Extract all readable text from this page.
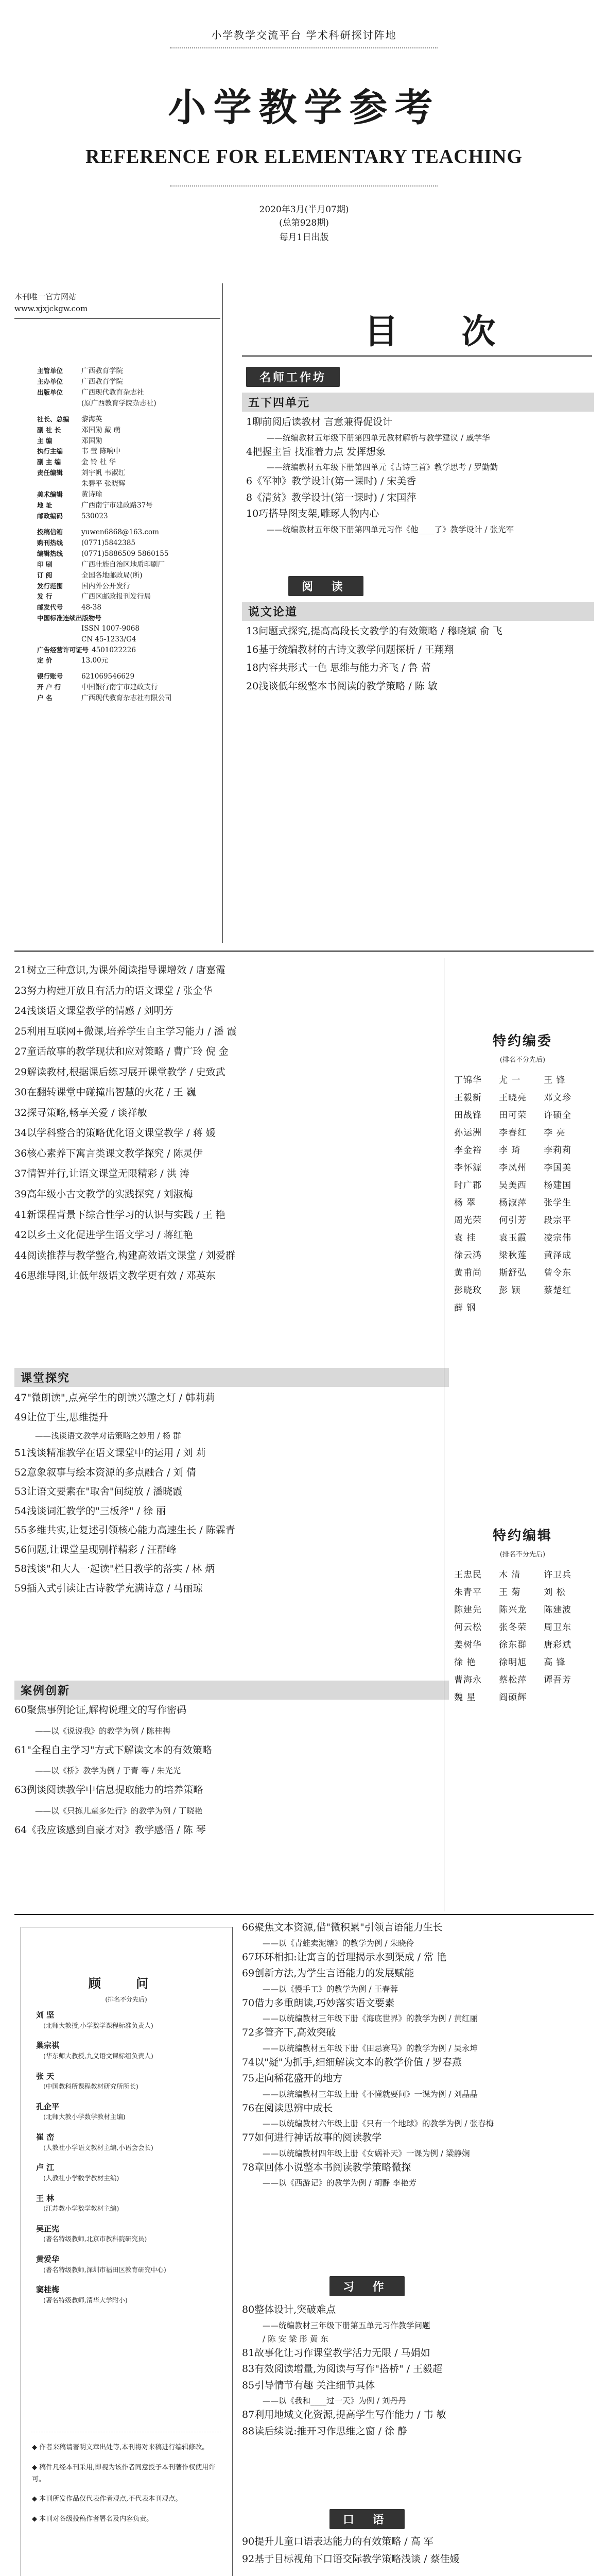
小学教学交流平台 学术科研探讨阵地
小学教学参考
REFERENCE FOR ELEMENTARY TEACHING
2020年3月(半月07期)
(总第928期)
每月1日出版
本刊唯一官方网站
www.xjxjckgw.com
主管单位	广西教育学院
主办单位	广西教育学院
出版单位	广西现代教育杂志社
(原广西教育学院杂志社)
社长、总编	黎海英
副 社 长	邓国勋 戴 萌
主 编	邓国勋
执行主编	韦 莹 陈响中
副 主 编	金 铃 杜 华
责任编辑	刘宇帆 韦淑红
朱碧平 张晓辉
美术编辑	黄诗瑜
地 址	广西南宁市建政路37号
邮政编码	530023
投稿信箱	yuwen6868@163.com
购刊热线	(0771)5842385
编辑热线	(0771)5886509 5860155
印 刷	广西壮族自治区地质印刷厂
订 阅	全国各地邮政局(所)
发行范围	国内外公开发行
发 行	广西区邮政报刊发行局
邮发代号	48-38
中国标准连续出版物号
ISSN 1007-9068
CN 45-1233/G4
广告经营许可证号 4501022226
定 价	13.00元
银行账号	621069546629
开 户 行	中国银行南宁市建政支行
户 名	广西现代教育杂志社有限公司
目 次
名师工作坊
五下四单元
1聊前阅后读教材 言意兼得促设计
——统编教材五年级下册第四单元教材解析与教学建议 / 戚学华
4把握主旨 找准着力点 发挥想象
——统编教材五年级下册第四单元《古诗三首》教学思考 / 罗勤勤
6《军神》教学设计(第一课时) / 宋美香
8《清贫》教学设计(第一课时) / 宋国萍
10巧搭导图支架,雕琢人物内心
——统编教材五年级下册第四单元习作《他____了》教学设计 / 张光军
阅 读
说文论道
13问题式探究,提高高段长文教学的有效策略 / 穆晓斌 俞 飞
16基于统编教材的古诗文教学问题探析 / 王翔翔
18内容共形式一色 思维与能力齐飞 / 鲁 蕾
20浅谈低年级整本书阅读的教学策略 / 陈 敏
21树立三种意识,为课外阅读指导课增效 / 唐嘉霞
23努力构建开放且有活力的语文课堂 / 张金华
24浅谈语文课堂教学的情感 / 刘明芳
25利用互联网+微课,培养学生自主学习能力 / 潘 霞
27童话故事的教学现状和应对策略 / 曹广玲 倪 金
29解读教材,根据课后练习展开课堂教学 / 史致武
30在翻转课堂中碰撞出智慧的火花 / 王 巍
32探寻策略,畅享关爱 / 谈祥敏
34以学科整合的策略优化语文课堂教学 / 蒋 媛
36核心素养下寓言类课文教学探究 / 陈灵伊
37情智并行,让语文课堂无限精彩 / 洪 涛
39高年级小古文教学的实践探究 / 刘淑梅
41新课程背景下综合性学习的认识与实践 / 王 艳
42以乡土文化促进学生语文学习 / 蒋红艳
44阅读推荐与教学整合,构建高效语文课堂 / 刘爱群
46思维导图,让低年级语文教学更有效 / 邓英东
课堂探究
47"微朗读",点亮学生的朗读兴趣之灯 / 韩莉莉
49让位于生,思维提升
——浅谈语文教学对话策略之妙用 / 杨 群
51浅谈精准教学在语文课堂中的运用 / 刘 莉
52意象叙事与绘本资源的多点融合 / 刘 倩
53让语文要素在"取舍"间绽放 / 潘晓霞
54浅谈词汇教学的"三板斧" / 徐 丽
55多维共实,让复述引领核心能力高速生长 / 陈霖青
56问题,让课堂呈现别样精彩 / 汪群峰
58浅谈"和大人一起读"栏目教学的落实 / 林 炳
59插入式引读让古诗教学充满诗意 / 马丽琼
案例创新
60聚焦事例论证,解构说理文的写作密码
——以《说说我》的教学为例 / 陈桂梅
61"全程自主学习"方式下解读文本的有效策略
——以《桥》教学为例 / 于青 等 / 朱光光
63例谈阅读教学中信息提取能力的培养策略
——以《只拣儿童多处行》的教学为例 / 丁晓艳
64《我应该感到自豪才对》教学感悟 / 陈 琴
特约编委
(排名不分先后)
丁锦华	尤 一	王 锋
王毅新	王晓亮	邓文珍
田战锋	田可荣	许硕全
孙运洲	李春红	李 亮
李金裕	李 琦	李莉莉
李怀源	李凤州	李国美
时广郡	吴美西	杨建国
杨 翠	杨淑萍	张学生
周光荣	何引芳	段宗平
袁 挂	袁玉霞	凌宗伟
徐云鸿	梁秋莲	黄泽成
黄甫尚	斯舒弘	曾令东
彭晓玫	彭 颖	蔡楚红
薛 钢
特约编辑
(排名不分先后)
王忠民	木 清	许卫兵
朱青平	王 菊	刘 松
陈建先	陈兴龙	陈建波
何云松	张冬荣	周卫东
姜树华	徐东群	唐彩斌
徐 艳	徐明旭	高 锋
曹海永	蔡松萍	谭吾芳
魏 星	阎硕辉
顾 问
(排名不分先后)
刘 坚
(北师大教授,小学数学课程标准负责人)
巢宗祺
(华东师大教授,九义语文课标组负责人)
张 天
(中国教科所课程教材研究所所长)
孔企平
(北师大教小学数学教材主编)
崔 峦
(人教社小学语文教材主编,小语会会长)
卢 江
(人教社小学数学教材主编)
王 林
(江苏教小学数学教材主编)
吴正宪
(著名特级教师,北京市教科院研究员)
黄爱华
(著名特级教师,深圳市福田区教育研究中心)
窦桂梅
(著名特级教师,清华大学附小)
◆ 作者来稿请著明文章出处等,本刊将对来稿进行编辑修改。
◆ 稿件凡经本刊采用,即视为该作者同意授予本刊著作权使用许可。
◆ 本刊所发作品仅代表作者观点,不代表本刊观点。
◆ 本刊对各级投稿作者署名及内容负责。
66聚焦文本资源,借"微积累"引领言语能力生长
——以《青蛙卖泥塘》的教学为例 / 朱晓伶
67环环相扣:让寓言的哲理揭示水到渠成 / 常 艳
69创新方法,为学生言语能力的发展赋能
——以《慢手工》的教学为例 / 王春蓉
70借力多重朗读,巧妙落实语文要素
——以统编教材三年级下册《海底世界》的教学为例 / 黄红丽
72多管齐下,高效突破
——以统编教材五年级下册《田忌赛马》的教学为例 / 吴永坤
74以"疑"为抓手,细细解读文本的教学价值 / 罗春燕
75走向稀花盛开的地方
——以统编教材三年级上册《不懂就要问》一课为例 / 刘晶晶
76在阅读思辨中成长
——以统编教材六年级上册《只有一个地球》的教学为例 / 张春梅
77如何进行神话故事的阅读教学
——以统编教材四年级上册《女娲补天》一课为例 / 梁静娴
78章回体小说整本书阅读教学策略微探
——以《西游记》的教学为例 / 胡静 李艳芳
习 作
80整体设计,突破难点
——统编教材三年级下册第五单元习作教学问题
/ 陈 安 梁 彤 黄 东
81故事化让习作课堂教学活力无限 / 马娟如
83有效阅读增量,为阅读与写作"搭桥" / 王毅超
85引导情节有趣 关注细节具体
——以《我和____过一天》为例 / 刘丹丹
87利用地域文化资源,提高学生写作能力 / 韦 敏
88读后续说:推开习作思维之窗 / 徐 静
口 语
90提升儿童口语表达能力的有效策略 / 高 军
92基于目标视角下口语交际教学策略浅谈 / 蔡佳媛
